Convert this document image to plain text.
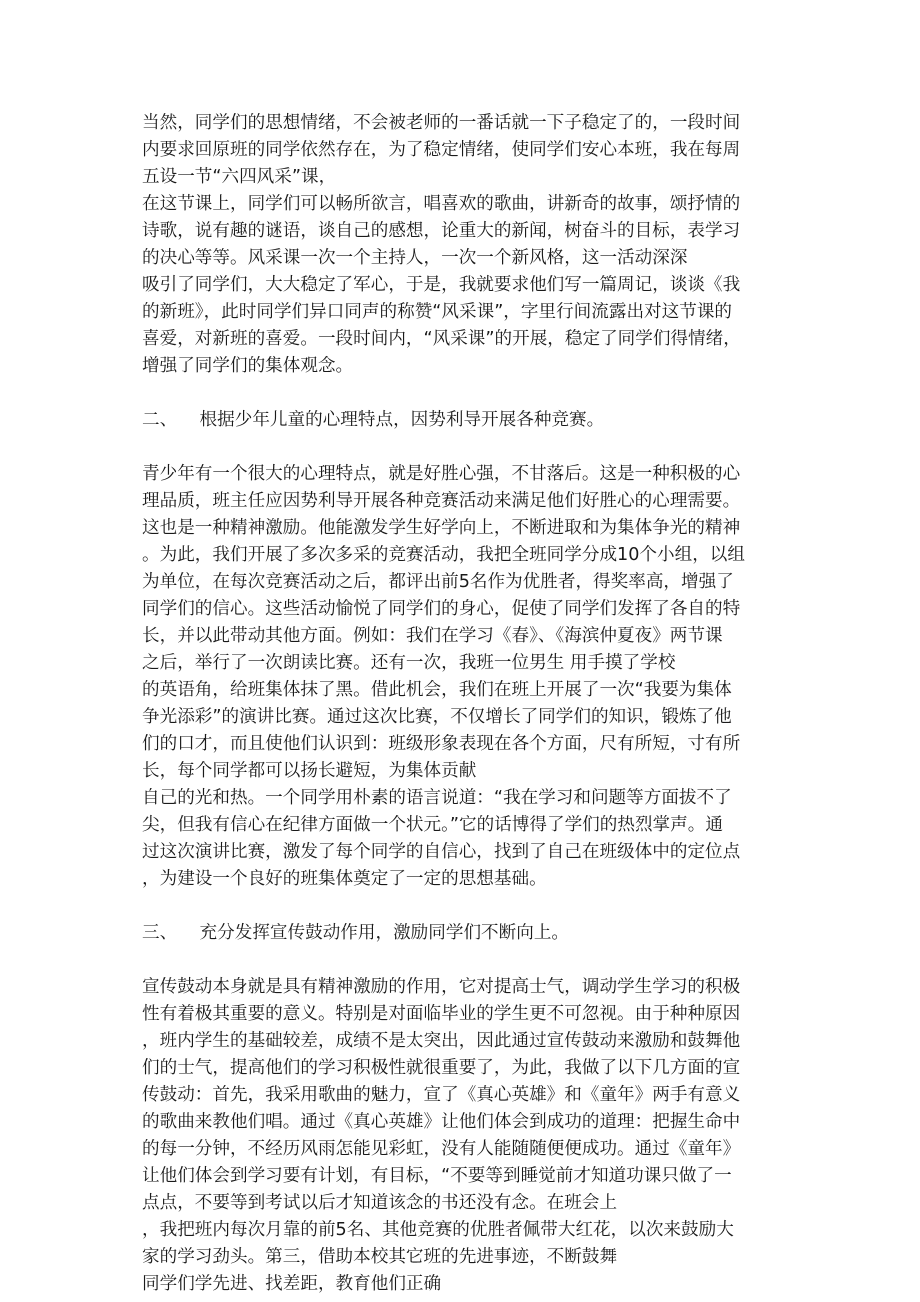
当然，同学们的思想情绪，不会被老师的一番话就一下子稳定了的，一段时间
内要求回原班的同学依然存在，为了稳定情绪，使同学们安心本班，我在每周
五设一节“六四风采”课，
在这节课上，同学们可以畅所欲言，唱喜欢的歌曲，讲新奇的故事，颂抒情的
诗歌，说有趣的谜语，谈自己的感想，论重大的新闻，树奋斗的目标，表学习
的决心等等。风采课一次一个主持人，一次一个新风格，这一活动深深
吸引了同学们，大大稳定了军心，于是，我就要求他们写一篇周记，谈谈《我
的新班》，此时同学们异口同声的称赞“风采课”，字里行间流露出对这节课的
喜爱，对新班的喜爱。一段时间内，“风采课”的开展，稳定了同学们得情绪，
增强了同学们的集体观念。
二、    根据少年儿童的心理特点，因势利导开展各种竞赛。
青少年有一个很大的心理特点，就是好胜心强，不甘落后。这是一种积极的心
理品质，班主任应因势利导开展各种竞赛活动来满足他们好胜心的心理需要。
这也是一种精神激励。他能激发学生好学向上，不断进取和为集体争光的精神
。为此，我们开展了多次多采的竞赛活动，我把全班同学分成10个小组，以组
为单位，在每次竞赛活动之后，都评出前5名作为优胜者，得奖率高，增强了
同学们的信心。这些活动愉悦了同学们的身心，促使了同学们发挥了各自的特
长，并以此带动其他方面。例如：我们在学习《春》、《海滨仲夏夜》两节课
之后，举行了一次朗读比赛。还有一次，我班一位男生 用手摸了学校
的英语角，给班集体抹了黑。借此机会，我们在班上开展了一次“我要为集体
争光添彩”的演讲比赛。通过这次比赛，不仅增长了同学们的知识，锻炼了他
们的口才，而且使他们认识到：班级形象表现在各个方面，尺有所短，寸有所
长，每个同学都可以扬长避短，为集体贡献
自己的光和热。一个同学用朴素的语言说道：“我在学习和问题等方面拔不了
尖，但我有信心在纪律方面做一个状元。”它的话博得了学们的热烈掌声。通
过这次演讲比赛，激发了每个同学的自信心，找到了自己在班级体中的定位点
，为建设一个良好的班集体奠定了一定的思想基础。
三、    充分发挥宣传鼓动作用，激励同学们不断向上。
宣传鼓动本身就是具有精神激励的作用，它对提高士气，调动学生学习的积极
性有着极其重要的意义。特别是对面临毕业的学生更不可忽视。由于种种原因
，班内学生的基础较差，成绩不是太突出，因此通过宣传鼓动来激励和鼓舞他
们的士气，提高他们的学习积极性就很重要了，为此，我做了以下几方面的宣
传鼓动：首先，我采用歌曲的魅力，宣了《真心英雄》和《童年》两手有意义
的歌曲来教他们唱。通过《真心英雄》让他们体会到成功的道理：把握生命中
的每一分钟，不经历风雨怎能见彩虹，没有人能随随便便成功。通过《童年》
让他们体会到学习要有计划，有目标，“不要等到睡觉前才知道功课只做了一
点点，不要等到考试以后才知道该念的书还没有念。在班会上
，我把班内每次月靠的前5名、其他竞赛的优胜者佩带大红花，以次来鼓励大
家的学习劲头。第三，借助本校其它班的先进事迹，不断鼓舞
同学们学先进、找差距，教育他们正确
